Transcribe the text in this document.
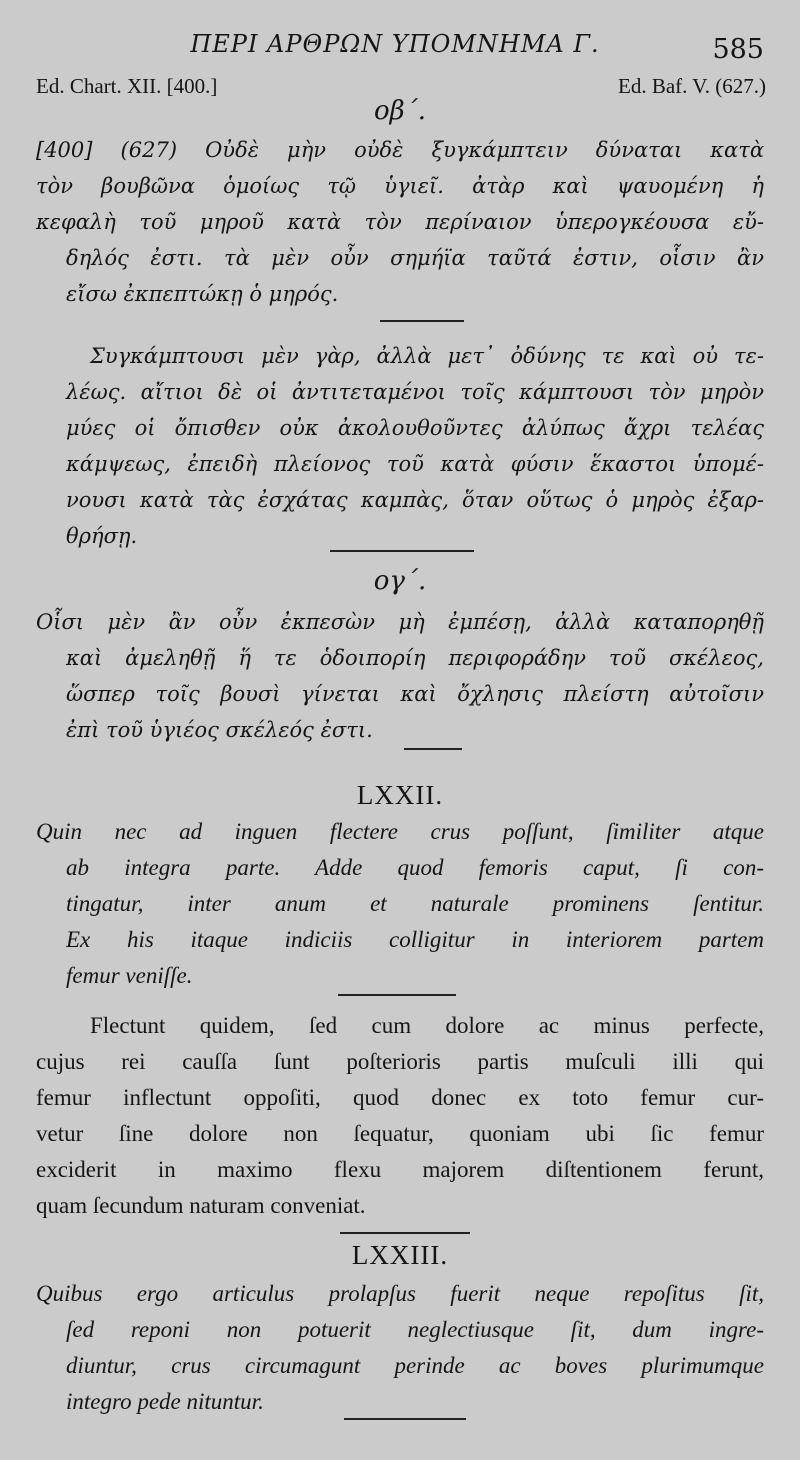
ΠΕΡΙ ΑΡΘΡΩΝ ΥΠΟΜΝΗΜΑ Γ.	585
Ed. Chart. XII. [400.]	Ed. Baf. V. (627.)
οβ΄.
[400] (627) Οὐδὲ μὴν οὐδὲ ξυγκάμπτειν δύναται κατὰ
τὸν βουβῶνα ὁμοίως τῷ ὑγιεῖ. ἀτὰρ καὶ ψαυομένη ἡ
κεφαλὴ τοῦ μηροῦ κατὰ τὸν περίναιον ὑπερογκέουσα εὔ-
δηλός ἐστι. τὰ μὲν οὖν σημήϊα ταῦτά ἐστιν, οἷσιν ἂν
εἴσω ἐκπεπτώκῃ ὁ μηρός.
Συγκάμπτουσι μὲν γὰρ, ἀλλὰ μετ᾽ ὀδύνης τε καὶ οὐ τε-
λέως. αἴτιοι δὲ οἱ ἀντιτεταμένοι τοῖς κάμπτουσι τὸν μηρὸν
μύες οἱ ὄπισθεν οὐκ ἀκολουθοῦντες ἀλύπως ἄχρι τελέας
κάμψεως, ἐπειδὴ πλείονος τοῦ κατὰ φύσιν ἕκαστοι ὑπομέ-
νουσι κατὰ τὰς ἐσχάτας καμπὰς, ὅταν οὕτως ὁ μηρὸς ἐξαρ-
θρήσῃ.
ογ΄.
Οἷσι μὲν ἂν οὖν ἐκπεσὼν μὴ ἐμπέσῃ, ἀλλὰ καταπορηθῇ
καὶ ἀμεληθῇ ἥ τε ὁδοιπορίη περιφοράδην τοῦ σκέλεος,
ὥσπερ τοῖς βουσὶ γίνεται καὶ ὄχλησις πλείστη αὐτοῖσιν
ἐπὶ τοῦ ὑγιέος σκέλεός ἐστι.
LXXII.
Quin nec ad inguen flectere crus poſſunt, ſimiliter atque
ab integra parte. Adde quod femoris caput, ſi con-
tingatur, inter anum et naturale prominens ſentitur.
Ex his itaque indiciis colligitur in interiorem partem
femur veniſſe.
Flectunt quidem, ſed cum dolore ac minus perfecte,
cujus rei cauſſa ſunt poſterioris partis muſculi illi qui
femur inflectunt oppoſiti, quod donec ex toto femur cur-
vetur ſine dolore non ſequatur, quoniam ubi ſic femur
exciderit in maximo flexu majorem diſtentionem ferunt,
quam ſecundum naturam conveniat.
LXXIII.
Quibus ergo articulus prolapſus fuerit neque repoſitus ſit,
ſed reponi non potuerit neglectiusque ſit, dum ingre-
diuntur, crus circumagunt perinde ac boves plurimumque
integro pede nituntur.
